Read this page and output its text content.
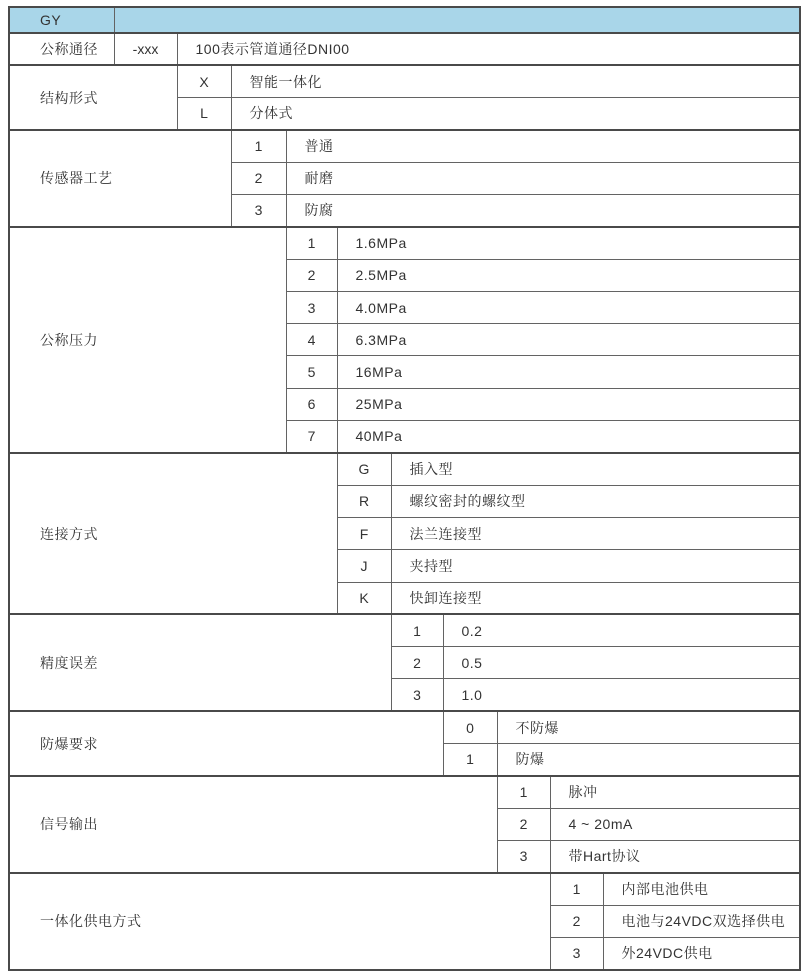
GY										
公称通径	-xxx	100表示管道通径DNI00								
结构形式		X	智能一体化							
		L	分体式							
传感器工艺			1	普通						
			2	耐磨						
			3	防腐						
公称压力				1	1.6MPa					
				2	2.5MPa					
				3	4.0MPa					
				4	6.3MPa					
				5	16MPa					
				6	25MPa					
				7	40MPa					
连接方式					G	插入型				
					R	螺纹密封的螺纹型				
					F	法兰连接型				
					J	夹持型				
					K	快卸连接型				
精度误差						1	0.2			
						2	0.5			
						3	1.0			
防爆要求							0	不防爆		
							1	防爆		
信号输出								1	脉冲	
								2	4 ~ 20mA	
								3	带Hart协议	
一体化供电方式									1	内部电池供电
									2	电池与24VDC双选择供电
									3	外24VDC供电
